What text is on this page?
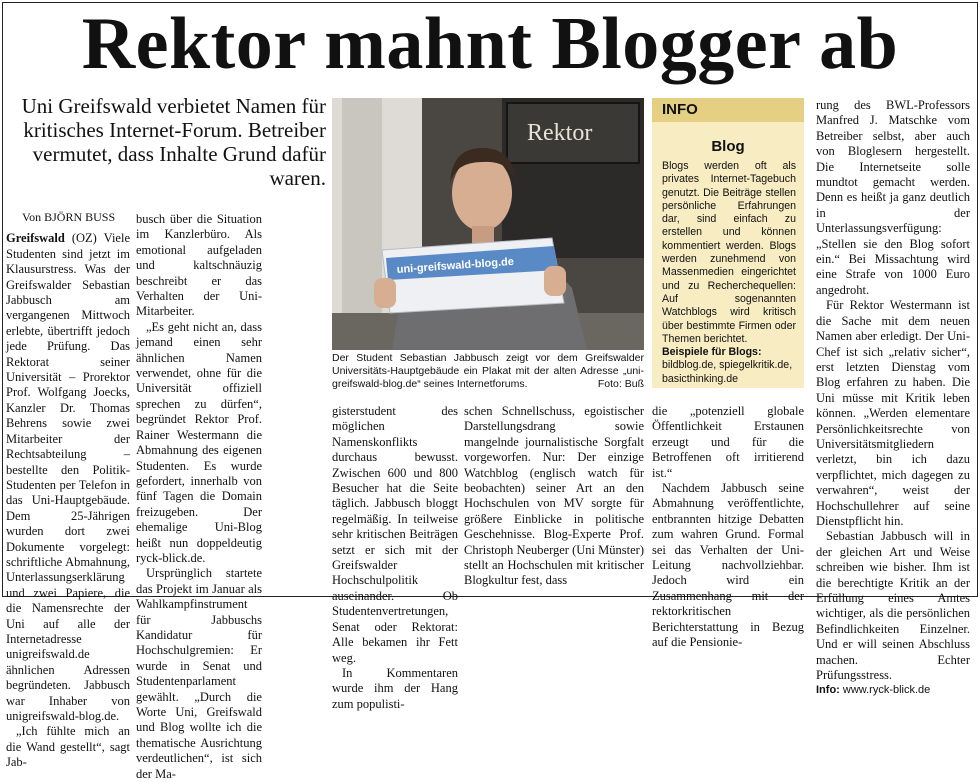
Rektor mahnt Blogger ab

Uni Greifswald verbietet Namen für kritisches Internet-Forum. Betreiber vermutet, dass Inhalte Grund dafür waren.

Von BJÖRN BUSS

Greifswald (OZ) Viele Studenten sind jetzt im Klausurstress. Was der Greifswalder Sebastian Jabbusch am vergangenen Mittwoch erlebte, übertrifft jedoch jede Prüfung. Das Rektorat seiner Universität – Prorektor Prof. Wolfgang Joecks, Kanzler Dr. Thomas Behrens sowie zwei Mitarbeiter der Rechtsabteilung – bestellte den Politik-Studenten per Telefon in das Uni-Hauptgebäude. Dem 25-Jährigen wurden dort zwei Dokumente vorgelegt: schriftliche Abmahnung, Unterlassungserklärung und zwei Papiere, die die Namensrechte der Uni auf alle der Internetadresse unigreifswald.de ähnlichen Adressen begründeten. Jabbusch war Inhaber von unigreifswald-blog.de.

„Ich fühlte mich an die Wand gestellt“, sagt Jab-

busch über die Situation im Kanzlerbüro. Als emotional aufgeladen und kaltschnäuzig beschreibt er das Verhalten der Uni-Mitarbeiter.

„Es geht nicht an, dass jemand einen sehr ähnlichen Namen verwendet, ohne für die Universität offiziell sprechen zu dürfen“, begründet Rektor Prof. Rainer Westermann die Abmahnung des eigenen Studenten. Es wurde gefordert, innerhalb von fünf Tagen die Domain freizugeben. Der ehemalige Uni-Blog heißt nun doppeldeutig ryck-blick.de.

Ursprünglich startete das Projekt im Januar als Wahlkampfinstrument für Jabbuschs Kandidatur für Hochschulgremien: Er wurde in Senat und Studentenparlament gewählt. „Durch die Worte Uni, Greifswald und Blog wollte ich die thematische Ausrichtung verdeutlichen“, ist sich der Ma-

Rektor
uni-greifswald-blog.de

Der Student Sebastian Jabbusch zeigt vor dem Greifswalder Universitäts-Hauptgebäude ein Plakat mit der alten Adresse „uni-greifswald-blog.de“ seines Internetforums.	Foto: Buß

gisterstudent des möglichen Namenskonflikts durchaus bewusst. Zwischen 600 und 800 Besucher hat die Seite täglich. Jabbusch bloggt regelmäßig. In teilweise sehr kritischen Beiträgen setzt er sich mit der Greifswalder Hochschulpolitik auseinander. Ob Studentenvertretungen, Senat oder Rektorat: Alle bekamen ihr Fett weg.

In Kommentaren wurde ihm der Hang zum populisti-

schen Schnellschuss, egoistischer Darstellungsdrang sowie mangelnde journalistische Sorgfalt vorgeworfen. Nur: Der einzige Watchblog (englisch watch für beobachten) seiner Art an den Hochschulen von MV sorgte für größere Einblicke in politische Geschehnisse. Blog-Experte Prof. Christoph Neuberger (Uni Münster) stellt an Hochschulen mit kritischer Blogkultur fest, dass

INFO
Blog

Blogs werden oft als privates Internet-Tagebuch genutzt. Die Beiträge stellen persönliche Erfahrungen dar, sind einfach zu erstellen und können kommentiert werden. Blogs werden zunehmend von Massenmedien eingerichtet und zu Recherchequellen: Auf sogenannten Watchblogs wird kritisch über bestimmte Firmen oder Themen berichtet.
Beispiele für Blogs:
bildblog.de, spiegelkritik.de, basicthinking.de

die „potenziell globale Öffentlichkeit Erstaunen erzeugt und für die Betroffenen oft irritierend ist.“

Nachdem Jabbusch seine Abmahnung veröffentlichte, entbrannten hitzige Debatten zum wahren Grund. Formal sei das Verhalten der Uni-Leitung nachvollziehbar. Jedoch wird ein Zusammenhang mit der rektorkritischen Berichterstattung in Bezug auf die Pensionie-

rung des BWL-Professors Manfred J. Matschke vom Betreiber selbst, aber auch von Bloglesern hergestellt. Die Internetseite solle mundtot gemacht werden. Denn es heißt ja ganz deutlich in der Unterlassungsverfügung: „Stellen sie den Blog sofort ein.“ Bei Missachtung wird eine Strafe von 1000 Euro angedroht.

Für Rektor Westermann ist die Sache mit dem neuen Namen aber erledigt. Der Uni-Chef ist sich „relativ sicher“, erst letzten Dienstag vom Blog erfahren zu haben. Die Uni müsse mit Kritik leben können. „Werden elementare Persönlichkeitsrechte von Universitätsmitgliedern verletzt, bin ich dazu verpflichtet, mich dagegen zu verwahren“, weist der Hochschullehrer auf seine Dienstpflicht hin.

Sebastian Jabbusch will in der gleichen Art und Weise schreiben wie bisher. Ihm ist die berechtigte Kritik an der Erfüllung eines Amtes wichtiger, als die persönlichen Befindlichkeiten Einzelner. Und er will seinen Abschluss machen. Echter Prüfungsstress.

Info: www.ryck-blick.de
